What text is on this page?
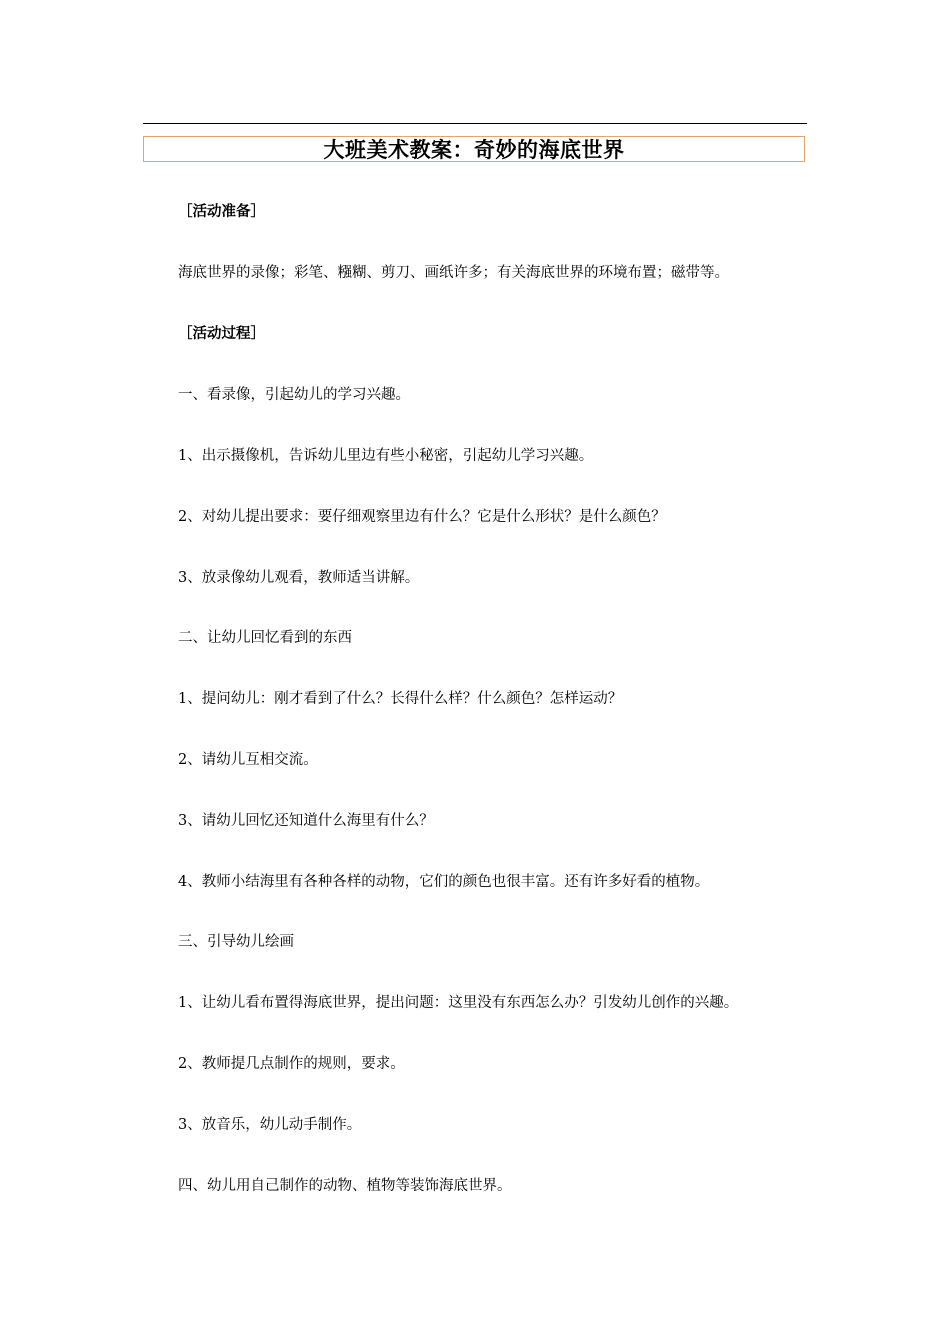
大班美术教案：奇妙的海底世界
［活动准备］
海底世界的录像；彩笔、糨糊、剪刀、画纸许多；有关海底世界的环境布置；磁带等。
［活动过程］
一、看录像，引起幼儿的学习兴趣。
1、出示摄像机，告诉幼儿里边有些小秘密，引起幼儿学习兴趣。
2、对幼儿提出要求：要仔细观察里边有什么？它是什么形状？是什么颜色？
3、放录像幼儿观看，教师适当讲解。
二、让幼儿回忆看到的东西
1、提问幼儿：刚才看到了什么？长得什么样？什么颜色？怎样运动？
2、请幼儿互相交流。
3、请幼儿回忆还知道什么海里有什么？
4、教师小结海里有各种各样的动物，它们的颜色也很丰富。还有许多好看的植物。
三、引导幼儿绘画
1、让幼儿看布置得海底世界，提出问题：这里没有东西怎么办？引发幼儿创作的兴趣。
2、教师提几点制作的规则，要求。
3、放音乐，幼儿动手制作。
四、幼儿用自己制作的动物、植物等装饰海底世界。
